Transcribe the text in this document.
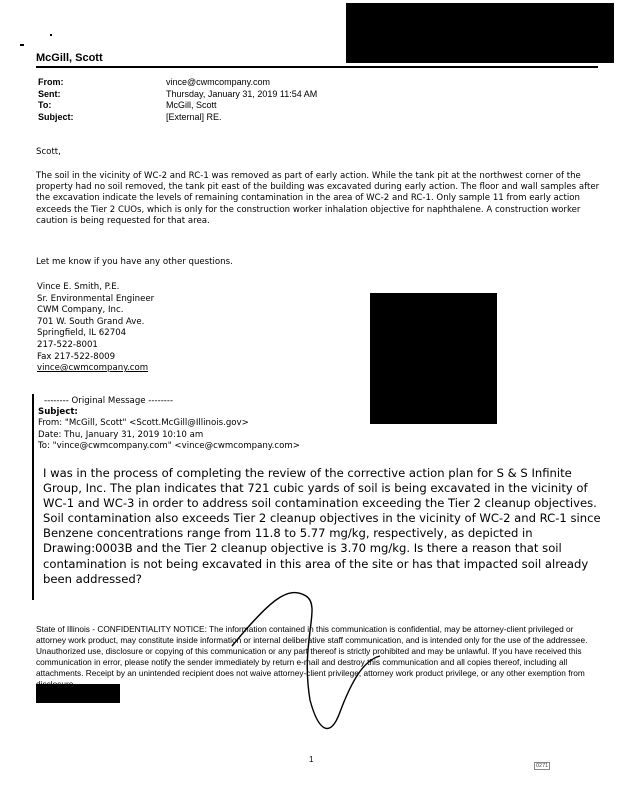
McGill, Scott
From:	vince@cwmcompany.com
Sent:	Thursday, January 31, 2019 11:54 AM
To:	McGill, Scott
Subject:	[External] RE.
Scott,
The soil in the vicinity of WC-2 and RC-1 was removed as part of early action. While the tank pit at the northwest corner of the property had no soil removed, the tank pit east of the building was excavated during early action. The floor and wall samples after the excavation indicate the levels of remaining contamination in the area of WC-2 and RC-1. Only sample 11 from early action exceeds the Tier 2 CUOs, which is only for the construction worker inhalation objective for naphthalene. A construction worker caution is being requested for that area.
Let me know if you have any other questions.
Vince E. Smith, P.E.
Sr. Environmental Engineer
CWM Company, Inc.
701 W. South Grand Ave.
Springfield, IL 62704
217-522-8001
Fax 217-522-8009
vince@cwmcompany.com
-------- Original Message --------
Subject:
From: "McGill, Scott" <Scott.McGill@Illinois.gov>
Date: Thu, January 31, 2019 10:10 am
To: "vince@cwmcompany.com" <vince@cwmcompany.com>
I was in the process of completing the review of the corrective action plan for S & S Infinite Group, Inc. The plan indicates that 721 cubic yards of soil is being excavated in the vicinity of WC-1 and WC-3 in order to address soil contamination exceeding the Tier 2 cleanup objectives. Soil contamination also exceeds Tier 2 cleanup objectives in the vicinity of WC-2 and RC-1 since Benzene concentrations range from 11.8 to 5.77 mg/kg, respectively, as depicted in Drawing:0003B and the Tier 2 cleanup objective is 3.70 mg/kg. Is there a reason that soil contamination is not being excavated in this area of the site or has that impacted soil already been addressed?
State of Illinois - CONFIDENTIALITY NOTICE: The information contained in this communication is confidential, may be attorney-client privileged or attorney work product, may constitute inside information or internal deliberative staff communication, and is intended only for the use of the addressee. Unauthorized use, disclosure or copying of this communication or any part thereof is strictly prohibited and may be unlawful. If you have received this communication in error, please notify the sender immediately by return e-mail and destroy this communication and all copies thereof, including all attachments. Receipt by an unintended recipient does not waive attorney-client privilege, attorney work product privilege, or any other exemption from disclosure.
1
0271
